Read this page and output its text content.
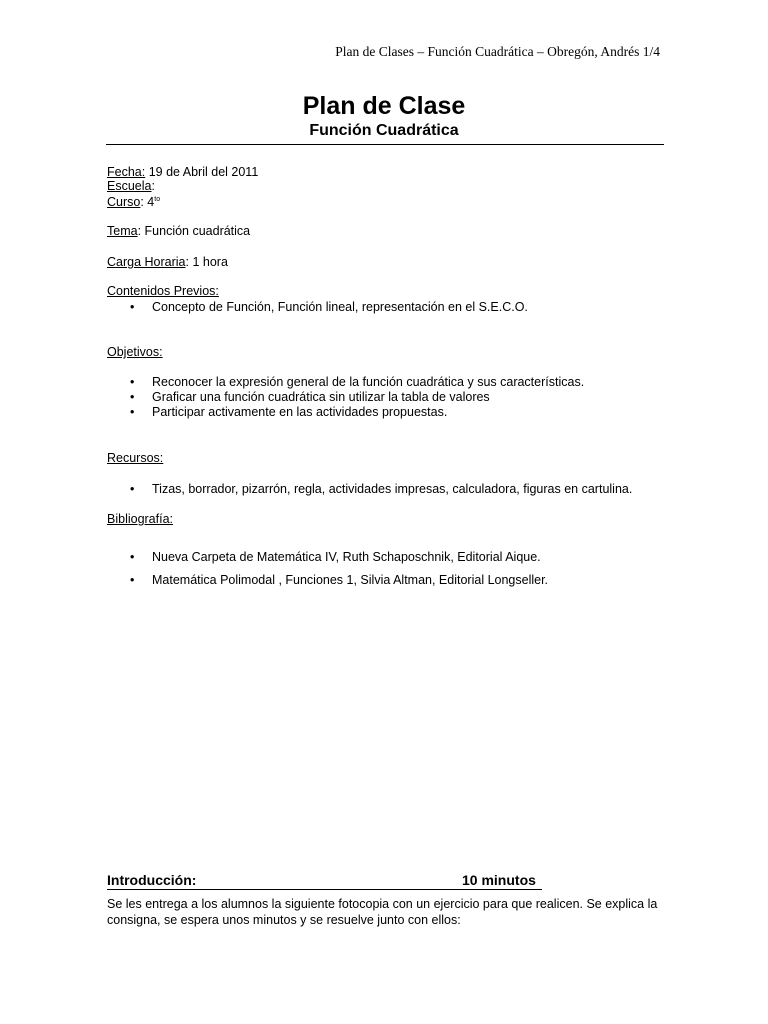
Plan de Clases – Función Cuadrática – Obregón, Andrés 1/4
Plan de Clase
Función Cuadrática
Fecha: 19 de Abril del 2011
Escuela:
Curso: $4^{to}$
Tema: Función cuadrática
Carga Horaria: 1 hora
Contenidos Previos:
• Concepto de Función, Función lineal, representación en el S.E.C.O.
Objetivos:
• Reconocer la expresión general de la función cuadrática y sus características.
• Graficar una función cuadrática sin utilizar la tabla de valores
• Participar activamente en las actividades propuestas.
Recursos:
• Tizas, borrador, pizarrón, regla, actividades impresas, calculadora, figuras en cartulina.
Bibliografía:
• Nueva Carpeta de Matemática IV, Ruth Schaposchnik, Editorial Aique.
• Matemática Polimodal , Funciones 1, Silvia Altman, Editorial Longseller.
Introducción:	10 minutos
Se les entrega a los alumnos la siguiente fotocopia con un ejercicio para que realicen. Se explica la consigna, se espera unos minutos y se resuelve junto con ellos:
